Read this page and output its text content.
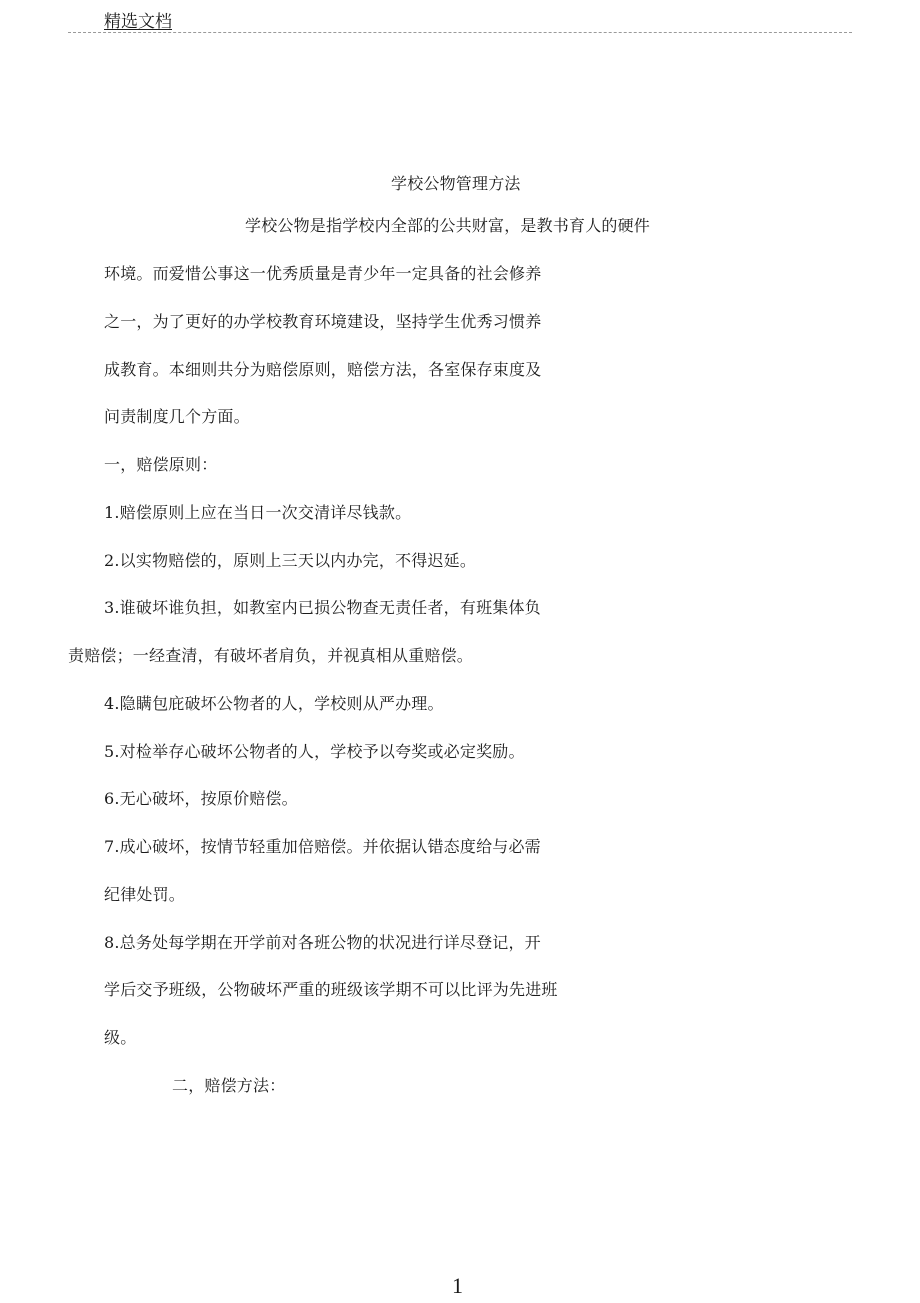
精选文档
学校公物管理方法
学校公物是指学校内全部的公共财富，是教书育人的硬件
环境。而爱惜公事这一优秀质量是青少年一定具备的社会修养
之一，为了更好的办学校教育环境建设，坚持学生优秀习惯养
成教育。本细则共分为赔偿原则，赔偿方法，各室保存束度及
问责制度几个方面。
一，赔偿原则：
1.赔偿原则上应在当日一次交清详尽钱款。
2.以实物赔偿的，原则上三天以内办完，不得迟延。
3.谁破坏谁负担，如教室内已损公物查无责任者，有班集体负
责赔偿；一经查清，有破坏者肩负，并视真相从重赔偿。
4.隐瞒包庇破坏公物者的人，学校则从严办理。
5.对检举存心破坏公物者的人，学校予以夸奖或必定奖励。
6.无心破坏，按原价赔偿。
7.成心破坏，按情节轻重加倍赔偿。并依据认错态度给与必需
纪律处罚。
8.总务处每学期在开学前对各班公物的状况进行详尽登记，开
学后交予班级，公物破坏严重的班级该学期不可以比评为先进班
级。
二，赔偿方法：
1
